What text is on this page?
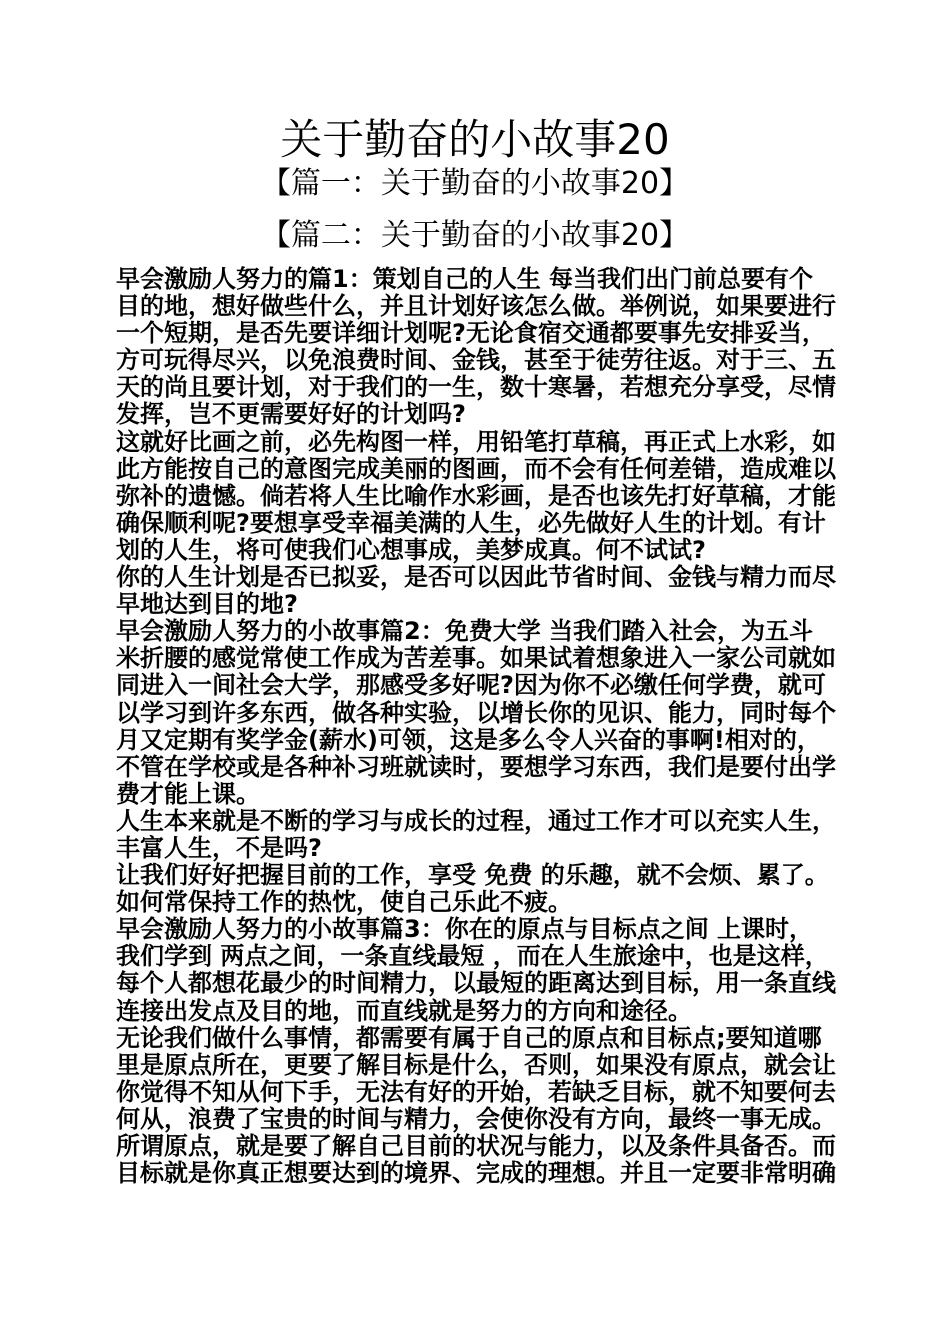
关于勤奋的小故事20
【篇一：关于勤奋的小故事20】
【篇二：关于勤奋的小故事20】

早会激励人努力的篇1：策划自己的人生 每当我们出门前总要有个目的地，想好做些什么，并且计划好该怎么做。举例说，如果要进行一个短期，是否先要详细计划呢?无论食宿交通都要事先安排妥当，方可玩得尽兴，以免浪费时间、金钱，甚至于徒劳往返。对于三、五天的尚且要计划，对于我们的一生，数十寒暑，若想充分享受，尽情发挥，岂不更需要好好的计划吗?

这就好比画之前，必先构图一样，用铅笔打草稿，再正式上水彩，如此方能按自己的意图完成美丽的图画，而不会有任何差错，造成难以弥补的遗憾。倘若将人生比喻作水彩画，是否也该先打好草稿，才能确保顺利呢?要想享受幸福美满的人生，必先做好人生的计划。有计划的人生，将可使我们心想事成，美梦成真。何不试试?

你的人生计划是否已拟妥，是否可以因此节省时间、金钱与精力而尽早地达到目的地?

早会激励人努力的小故事篇2：免费大学 当我们踏入社会，为五斗米折腰的感觉常使工作成为苦差事。如果试着想象进入一家公司就如同进入一间社会大学，那感受多好呢?因为你不必缴任何学费，就可以学习到许多东西，做各种实验，以增长你的见识、能力，同时每个月又定期有奖学金(薪水)可领，这是多么令人兴奋的事啊!相对的，不管在学校或是各种补习班就读时，要想学习东西，我们是要付出学费才能上课。

人生本来就是不断的学习与成长的过程，通过工作才可以充实人生，丰富人生，不是吗?

让我们好好把握目前的工作，享受 免费 的乐趣，就不会烦、累了。如何常保持工作的热忱，使自己乐此不疲。

早会激励人努力的小故事篇3：你在的原点与目标点之间 上课时，我们学到 两点之间，一条直线最短 ，而在人生旅途中，也是这样，每个人都想花最少的时间精力，以最短的距离达到目标，用一条直线连接出发点及目的地，而直线就是努力的方向和途径。

无论我们做什么事情，都需要有属于自己的原点和目标点;要知道哪里是原点所在，更要了解目标是什么，否则，如果没有原点，就会让你觉得不知从何下手，无法有好的开始，若缺乏目标，就不知要何去何从，浪费了宝贵的时间与精力，会使你没有方向，最终一事无成。所谓原点，就是要了解自己目前的状况与能力，以及条件具备否。而目标就是你真正想要达到的境界、完成的理想。并且一定要非常明确
